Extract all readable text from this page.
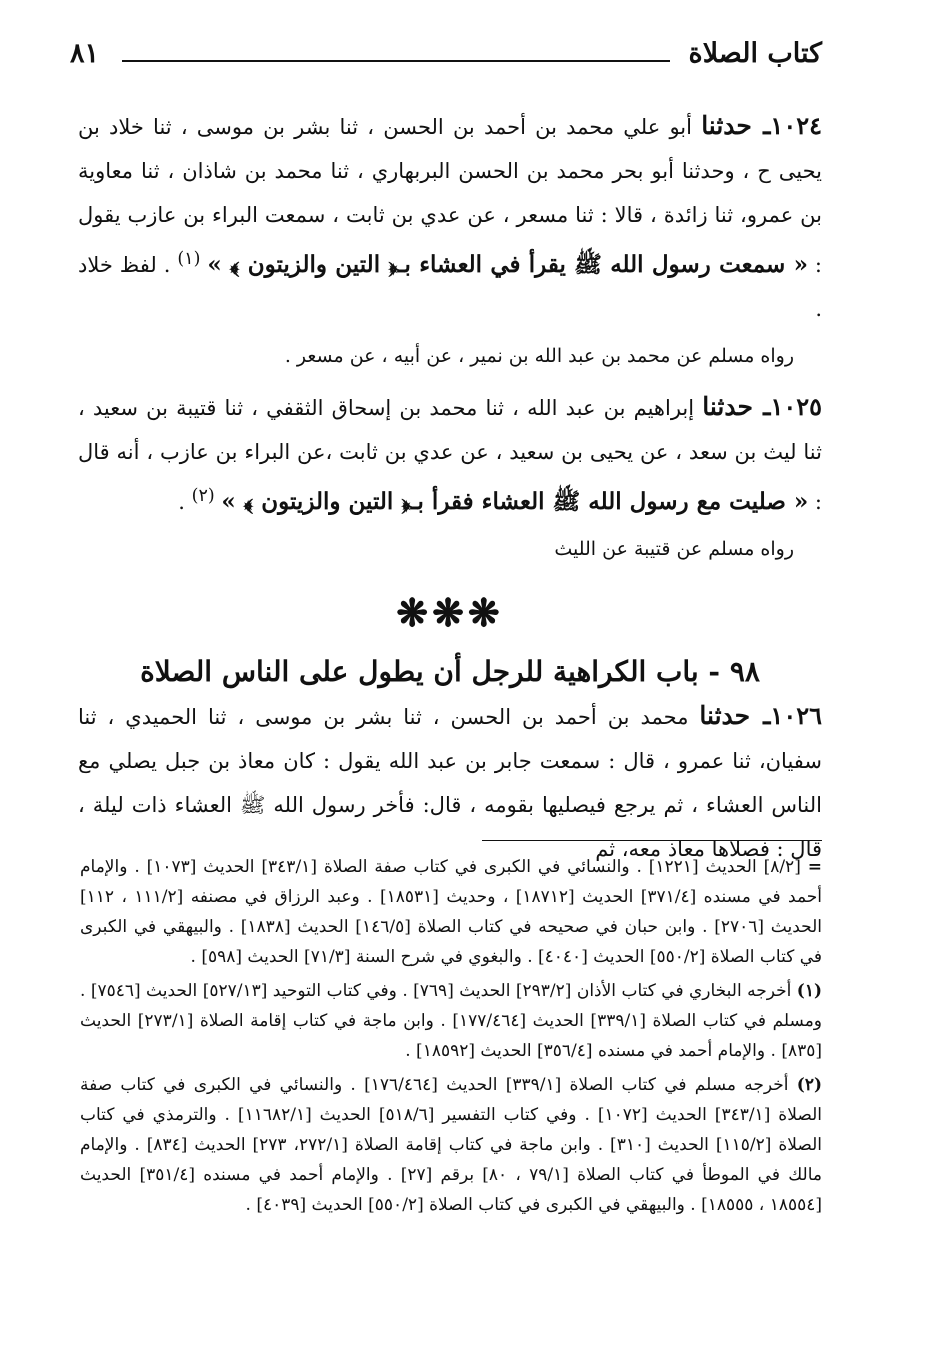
كتاب الصلاة
٨١

١٠٢٤ـ حدثنا أبو علي محمد بن أحمد بن الحسن ، ثنا بشر بن موسى ، ثنا خلاد بن يحيى ح ، وحدثنا أبو بحر محمد بن الحسن البربهاري ، ثنا محمد بن شاذان ، ثنا معاوية بن عمرو، ثنا زائدة ، قالا : ثنا مسعر ، عن عدي بن ثابت ، سمعت البراء بن عازب يقول : « سمعت رسول الله ﷺ يقرأ في العشاء بـ﴿ التين والزيتون ﴾ » $^{(١)}$ . لفظ خلاد .

رواه مسلم عن محمد بن عبد الله بن نمير ، عن أبيه ، عن مسعر .

١٠٢٥ـ حدثنا إبراهيم بن عبد الله ، ثنا محمد بن إسحاق الثقفي ، ثنا قتيبة بن سعيد ، ثنا ليث بن سعد ، عن يحيى بن سعيد ، عن عدي بن ثابت ،عن البراء بن عازب ، أنه قال : « صليت مع رسول الله ﷺ العشاء فقرأ بـ﴿ التين والزيتون ﴾ » $^{(٢)}$ .

رواه مسلم عن قتيبة عن الليث

❋❋❋
٩٨ - باب الكراهية للرجل أن يطول على الناس الصلاة

١٠٢٦ـ حدثنا محمد بن أحمد بن الحسن ، ثنا بشر بن موسى ، ثنا الحميدي ، ثنا سفيان، ثنا عمرو ، قال : سمعت جابر بن عبد الله يقول : كان معاذ بن جبل يصلي مع الناس العشاء ، ثم يرجع فيصليها بقومه ، قال: فأخر رسول الله ﷺ العشاء ذات ليلة ، قال : فصلاها معاذ معه، ثم

= [٨/٢] الحديث [١٢٢١] . والنسائي في الكبرى في كتاب صفة الصلاة [٣٤٣/١] الحديث [١٠٧٣] . والإمام أحمد في مسنده [٣٧١/٤] الحديث [١٨٧١٢] ، وحديث [١٨٥٣١] . وعبد الرزاق في مصنفه [١١١/٢ ، ١١٢] الحديث [٢٧٠٦] . وابن حبان في صحيحه في كتاب الصلاة [١٤٦/٥] الحديث [١٨٣٨] . والبيهقي في الكبرى في كتاب الصلاة [٥٥٠/٢] الحديث [٤٠٤٠] . والبغوي في شرح السنة [٧١/٣] الحديث [٥٩٨] .

(١) أخرجه البخاري في كتاب الأذان [٢٩٣/٢] الحديث [٧٦٩] . وفي كتاب التوحيد [٥٢٧/١٣] الحديث [٧٥٤٦] . ومسلم في كتاب الصلاة [٣٣٩/١] الحديث [١٧٧/٤٦٤] . وابن ماجة في كتاب إقامة الصلاة [٢٧٣/١] الحديث [٨٣٥] . والإمام أحمد في مسنده [٣٥٦/٤] الحديث [١٨٥٩٢] .

(٢) أخرجه مسلم في كتاب الصلاة [٣٣٩/١] الحديث [١٧٦/٤٦٤] . والنسائي في الكبرى في كتاب صفة الصلاة [٣٤٣/١] الحديث [١٠٧٢] . وفي كتاب التفسير [٥١٨/٦] الحديث [١١٦٨٢/١] . والترمذي في كتاب الصلاة [١١٥/٢] الحديث [٣١٠] . وابن ماجة في كتاب إقامة الصلاة [٢٧٢/١، ٢٧٣] الحديث [٨٣٤] . والإمام مالك في الموطأ في كتاب الصلاة [٧٩/١ ، ٨٠] برقم [٢٧] . والإمام أحمد في مسنده [٣٥١/٤] الحديث [١٨٥٥٤ ، ١٨٥٥٥] . والبيهقي في الكبرى في كتاب الصلاة [٥٥٠/٢] الحديث [٤٠٣٩] .
